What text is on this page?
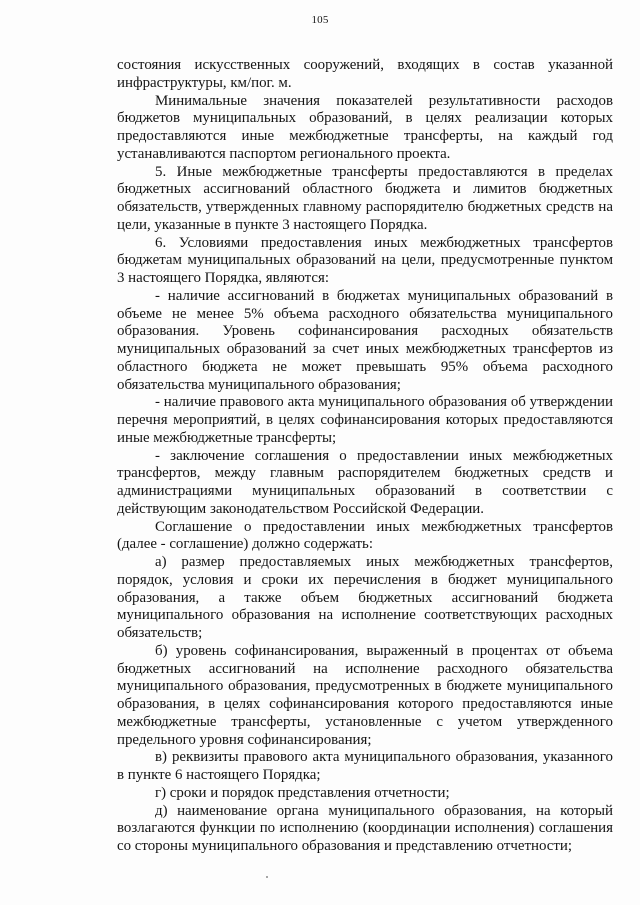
105

состояния искусственных сооружений, входящих в состав указанной инфраструктуры, км/пог. м.

Минимальные значения показателей результативности расходов бюджетов муниципальных образований, в целях реализации которых предоставляются иные межбюджетные трансферты, на каждый год устанавливаются паспортом регионального проекта.

5. Иные межбюджетные трансферты предоставляются в пределах бюджетных ассигнований областного бюджета и лимитов бюджетных обязательств, утвержденных главному распорядителю бюджетных средств на цели, указанные в пункте 3 настоящего Порядка.

6. Условиями предоставления иных межбюджетных трансфертов бюджетам муниципальных образований на цели, предусмотренные пунктом 3 настоящего Порядка, являются:

- наличие ассигнований в бюджетах муниципальных образований в объеме не менее 5% объема расходного обязательства муниципального образования. Уровень софинансирования расходных обязательств муниципальных образований за счет иных межбюджетных трансфертов из областного бюджета не может превышать 95% объема расходного обязательства муниципального образования;

- наличие правового акта муниципального образования об утверждении перечня мероприятий, в целях софинансирования которых предоставляются иные межбюджетные трансферты;

- заключение соглашения о предоставлении иных межбюджетных трансфертов, между главным распорядителем бюджетных средств и администрациями муниципальных образований в соответствии с действующим законодательством Российской Федерации.

Соглашение о предоставлении иных межбюджетных трансфертов (далее - соглашение) должно содержать:

а) размер предоставляемых иных межбюджетных трансфертов, порядок, условия и сроки их перечисления в бюджет муниципального образования, а также объем бюджетных ассигнований бюджета муниципального образования на исполнение соответствующих расходных обязательств;

б) уровень софинансирования, выраженный в процентах от объема бюджетных ассигнований на исполнение расходного обязательства муниципального образования, предусмотренных в бюджете муниципального образования, в целях софинансирования которого предоставляются иные межбюджетные трансферты, установленные с учетом утвержденного предельного уровня софинансирования;

в) реквизиты правового акта муниципального образования, указанного в пункте 6 настоящего Порядка;

г) сроки и порядок представления отчетности;

д) наименование органа муниципального образования, на который возлагаются функции по исполнению (координации исполнения) соглашения со стороны муниципального образования и представлению отчетности;
